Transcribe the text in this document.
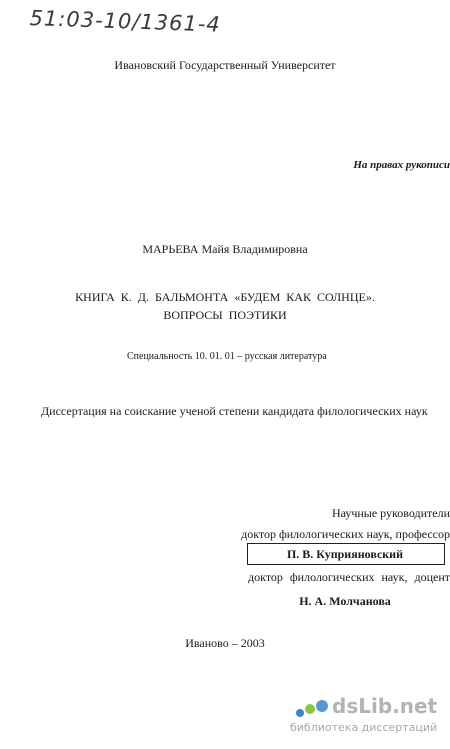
51:03-10/1361-4
Ивановский Государственный Университет
На правах рукописи
МАРЬЕВА Майя Владимировна
КНИГА К. Д. БАЛЬМОНТА «БУДЕМ КАК СОЛНЦЕ».
ВОПРОСЫ ПОЭТИКИ
Специальность 10. 01. 01 – русская литература
Диссертация на соискание ученой степени кандидата филологических наук
Научные руководители
доктор филологических наук, профессор
П. В. Куприяновский
доктор филологических наук, доцент
Н. А. Молчанова
Иваново – 2003
dsLib.net
библиотека диссертаций
